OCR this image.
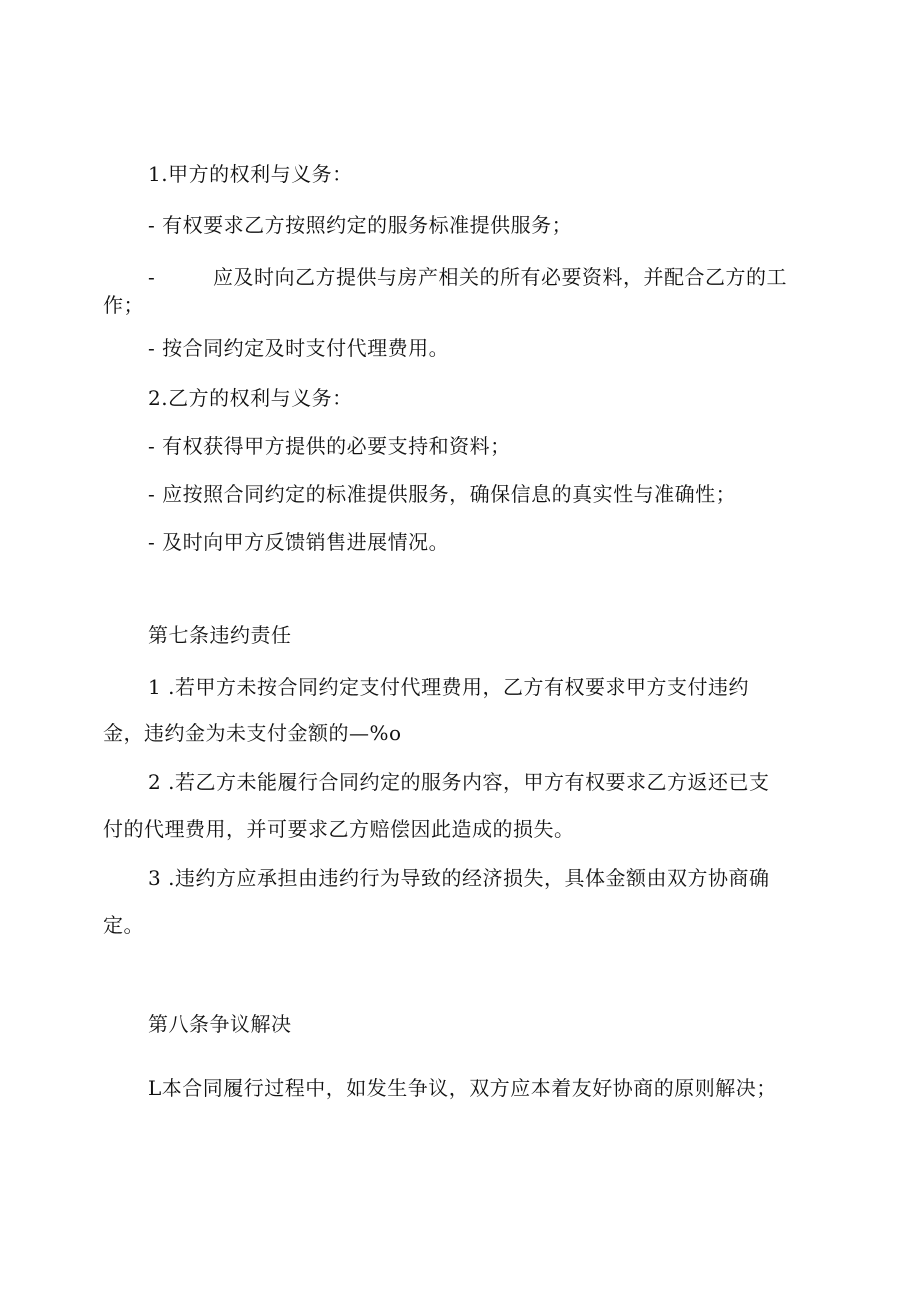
1.甲方的权利与义务：
- 有权要求乙方按照约定的服务标准提供服务；
-	应及时向乙方提供与房产相关的所有必要资料，并配合乙方的工
作；
- 按合同约定及时支付代理费用。
2.乙方的权利与义务：
- 有权获得甲方提供的必要支持和资料；
- 应按照合同约定的标准提供服务，确保信息的真实性与准确性；
- 及时向甲方反馈销售进展情况。
第七条违约责任
1 .若甲方未按合同约定支付代理费用，乙方有权要求甲方支付违约
金，违约金为未支付金额的—%o
2 .若乙方未能履行合同约定的服务内容，甲方有权要求乙方返还已支
付的代理费用，并可要求乙方赔偿因此造成的损失。
3 .违约方应承担由违约行为导致的经济损失，具体金额由双方协商确
定。
第八条争议解决
L本合同履行过程中，如发生争议，双方应本着友好协商的原则解决；
